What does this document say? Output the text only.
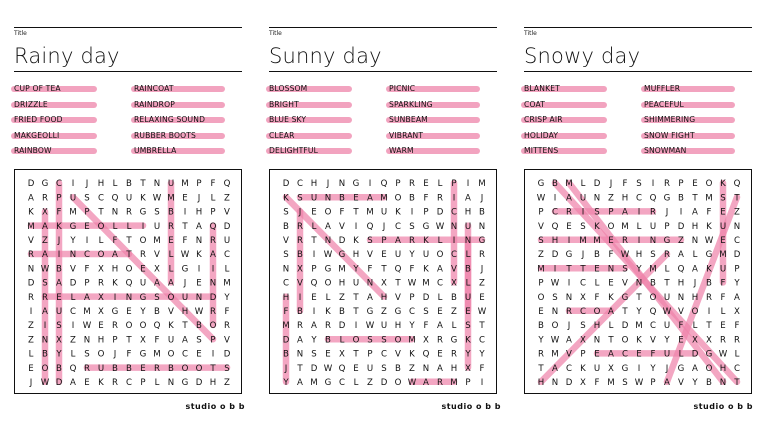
Title
Rainy day
CUP OF TEA
DRIZZLE
FRIED FOOD
MAKGEOLLI
RAINBOW
RAINCOAT
RAINDROP
RELAXING SOUND
RUBBER BOOTS
UMBRELLA
D G C I J H L B T N U M P F Q
A R P U S C Q U K W M E J L Z
K X F M P T N R G S B I H P V
M A K G E O L L I U R T A Q D
V Z J Y I L F T O M E F N R U
R A I N C O A T R V L W K A C
N W B V F X H O E X L G I I L
D S A D P R K Q U A A J E N M
R R E L A X I N G S O U N D Y
I A U C M X G E Y B V H W R F
Z I S I W E R O O Q K T B O R
Z N X Z N H P T X F U A S P V
L B Y L S O J F G M O C E I D
E O B Q R U B B E R B O O T S
J W D A E K R C P L N G D H Z
Title
Sunny day
BLOSSOM
BRIGHT
BLUE SKY
CLEAR
DELIGHTFUL
PICNIC
SPARKLING
SUNBEAM
VIBRANT
WARM
D C H J N G I Q P R E L P I M
K S U N B E A M O B F R I A J
S J E O F T M U K I P D C H B
B R L A V I Q J C S G W N U N
V R T N D K S P A R K L I N G
S B I W G H V E U Y U O C L R
N X P G M Y F T Q F K A V B J
C V Q O H U N X T W M C X L Z
H I E L Z T A H V P D L B U E
F B I K B T G Z G C S E Z E W
M R A R D I W U H Y F A L S T
D A Y B L O S S O M X R G K C
B N S E X T P C V K Q E R Y Y
J T D W Q E U S B Z N A H X F
Y A M G C L Z D O W A R M P I
Title
Snowy day
BLANKET
COAT
CRISP AIR
HOLIDAY
MITTENS
MUFFLER
PEACEFUL
SHIMMERING
SNOW FIGHT
SNOWMAN
G B M L D J F S I R P E O K Q
W I A U N Z H C Q G B T M S T
P C R I S P A I R J I A F E Z
V Q E S K O M L U P D H K U N
S H I M M E R I N G Z N W E C
Z D G J B F W H S R A L G M D
M I T T E N S Y M L Q A K U P
P W I C L E V N B T H J B F Y
O S N X F K G T O U N H R F A
E N R C O A T Y Q W V O I L X
B O J S H L D M C U F L T E F
Y W A X N T O K V Y E X X R R
R M V P E A C E F U L D G W L
T A C K U X G I Y J G A O H C
H N D X F M S W P A V Y B N T
studio o b b	studio o b b	studio o b b
